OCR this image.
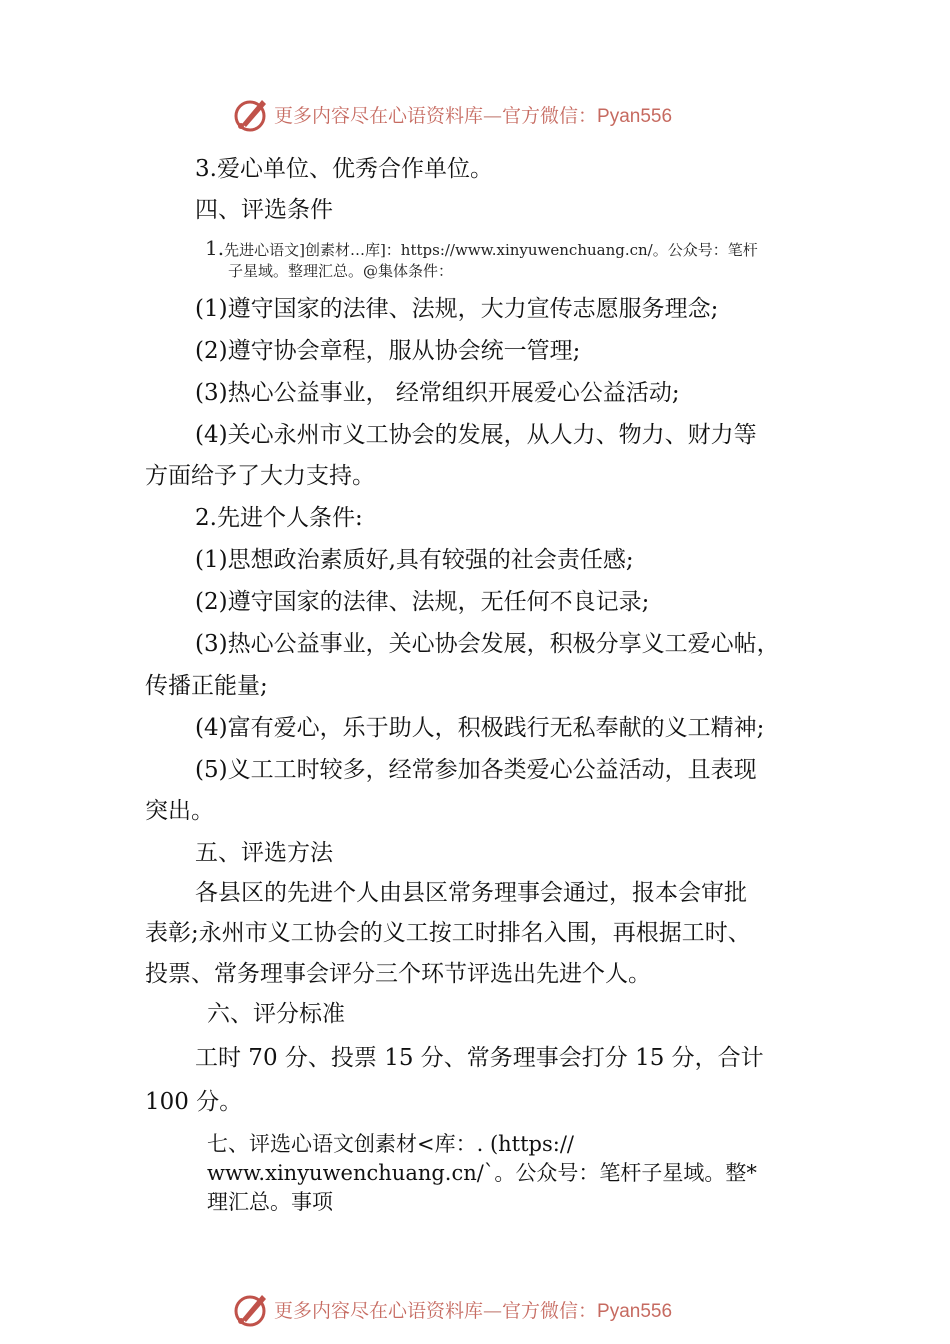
更多内容尽在心语资料库—官方微信：Pyan556
3.爱心单位、优秀合作单位。
四、评选条件
1.先进心语文]创素材…库]：https://www.xinyuwenchuang.cn/。公众号：笔杆
子星域。整理汇总。@集体条件：
(1)遵守国家的法律、法规，大力宣传志愿服务理念;
(2)遵守协会章程，服从协会统一管理;
(3)热心公益事业， 经常组织开展爱心公益活动;
(4)关心永州市义工协会的发展，从人力、物力、财力等
方面给予了大力支持。
2.先进个人条件:
(1)思想政治素质好,具有较强的社会责任感;
(2)遵守国家的法律、法规，无任何不良记录;
(3)热心公益事业，关心协会发展，积极分享义工爱心帖，
传播正能量;
(4)富有爱心，乐于助人，积极践行无私奉献的义工精神;
(5)义工工时较多，经常参加各类爱心公益活动，且表现
突出。
五、评选方法
各县区的先进个人由县区常务理事会通过，报本会审批
表彰;永州市义工协会的义工按工时排名入围，再根据工时、
投票、常务理事会评分三个环节评选出先进个人。
六、评分标准
工时 70 分、投票 15 分、常务理事会打分 15 分，合计
100 分。
七、评选心语文创素材<库：. (https://
www.xinyuwenchuang.cn/`。公众号：笔杆子星域。整*
理汇总。事项
更多内容尽在心语资料库—官方微信：Pyan556
